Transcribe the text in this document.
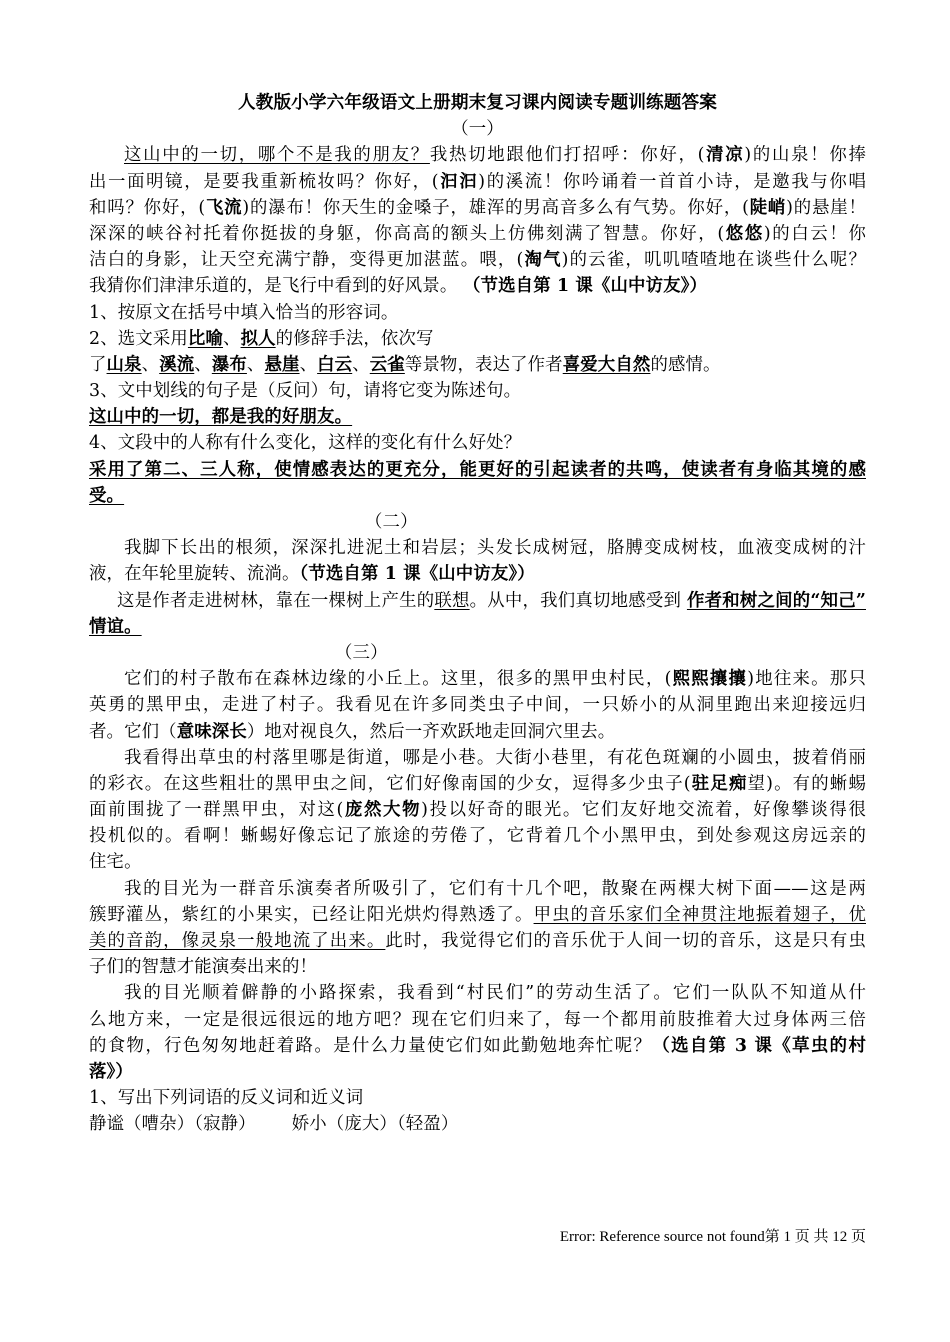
人教版小学六年级语文上册期末复习课内阅读专题训练题答案
（一）
这山中的一切，哪个不是我的朋友？我热切地跟他们打招呼：你好，(清凉)的山泉！你捧
出一面明镜，是要我重新梳妆吗？你好，(汩汩)的溪流！你吟诵着一首首小诗，是邀我与你唱
和吗？你好，(飞流)的瀑布！你天生的金嗓子，雄浑的男高音多么有气势。你好，(陡峭)的悬崖！
深深的峡谷衬托着你挺拔的身躯，你高高的额头上仿佛刻满了智慧。你好，(悠悠)的白云！你
洁白的身影，让天空充满宁静，变得更加湛蓝。喂，(淘气)的云雀，叽叽喳喳地在谈些什么呢？
我猜你们津津乐道的，是飞行中看到的好风景。 （节选自第 1 课《山中访友》）
1、按原文在括号中填入恰当的形容词。
2、选文采用比喻、拟人的修辞手法，依次写
了山泉、溪流、瀑布、悬崖、白云、云雀等景物，表达了作者喜爱大自然的感情。
3、文中划线的句子是（反问）句，请将它变为陈述句。
这山中的一切，都是我的好朋友。
4、文段中的人称有什么变化，这样的变化有什么好处？
采用了第二、三人称，使情感表达的更充分，能更好的引起读者的共鸣，使读者有身临其境的感
受。
（二）
我脚下长出的根须，深深扎进泥土和岩层；头发长成树冠，胳膊变成树枝，血液变成树的汁
液，在年轮里旋转、流淌。（节选自第 1 课《山中访友》）
这是作者走进树林，靠在一棵树上产生的联想。从中，我们真切地感受到 作者和树之间的“知己”
情谊。
（三）
它们的村子散布在森林边缘的小丘上。这里，很多的黑甲虫村民，(熙熙攘攘)地往来。那只
英勇的黑甲虫，走进了村子。我看见在许多同类虫子中间，一只娇小的从洞里跑出来迎接远归
者。它们（意味深长）地对视良久，然后一齐欢跃地走回洞穴里去。
我看得出草虫的村落里哪是街道，哪是小巷。大街小巷里，有花色斑斓的小圆虫，披着俏丽
的彩衣。在这些粗壮的黑甲虫之间，它们好像南国的少女，逗得多少虫子(驻足痴望)。有的蜥蜴
面前围拢了一群黑甲虫，对这(庞然大物)投以好奇的眼光。它们友好地交流着，好像攀谈得很
投机似的。看啊！蜥蜴好像忘记了旅途的劳倦了，它背着几个小黑甲虫，到处参观这房远亲的
住宅。
我的目光为一群音乐演奏者所吸引了，它们有十几个吧，散聚在两棵大树下面——这是两
簇野灌丛，紫红的小果实，已经让阳光烘灼得熟透了。甲虫的音乐家们全神贯注地振着翅子，优
美的音韵，像灵泉一般地流了出来。此时，我觉得它们的音乐优于人间一切的音乐，这是只有虫
子们的智慧才能演奏出来的！
我的目光顺着僻静的小路探索，我看到“村民们”的劳动生活了。它们一队队不知道从什
么地方来，一定是很远很远的地方吧？现在它们归来了，每一个都用前肢推着大过身体两三倍
的食物，行色匆匆地赶着路。是什么力量使它们如此勤勉地奔忙呢？（选自第 3 课《草虫的村
落》）
1、写出下列词语的反义词和近义词
静谧（嘈杂）（寂静） 娇小（庞大）（轻盈）
Error: Reference source not found第 1 页 共 12 页
